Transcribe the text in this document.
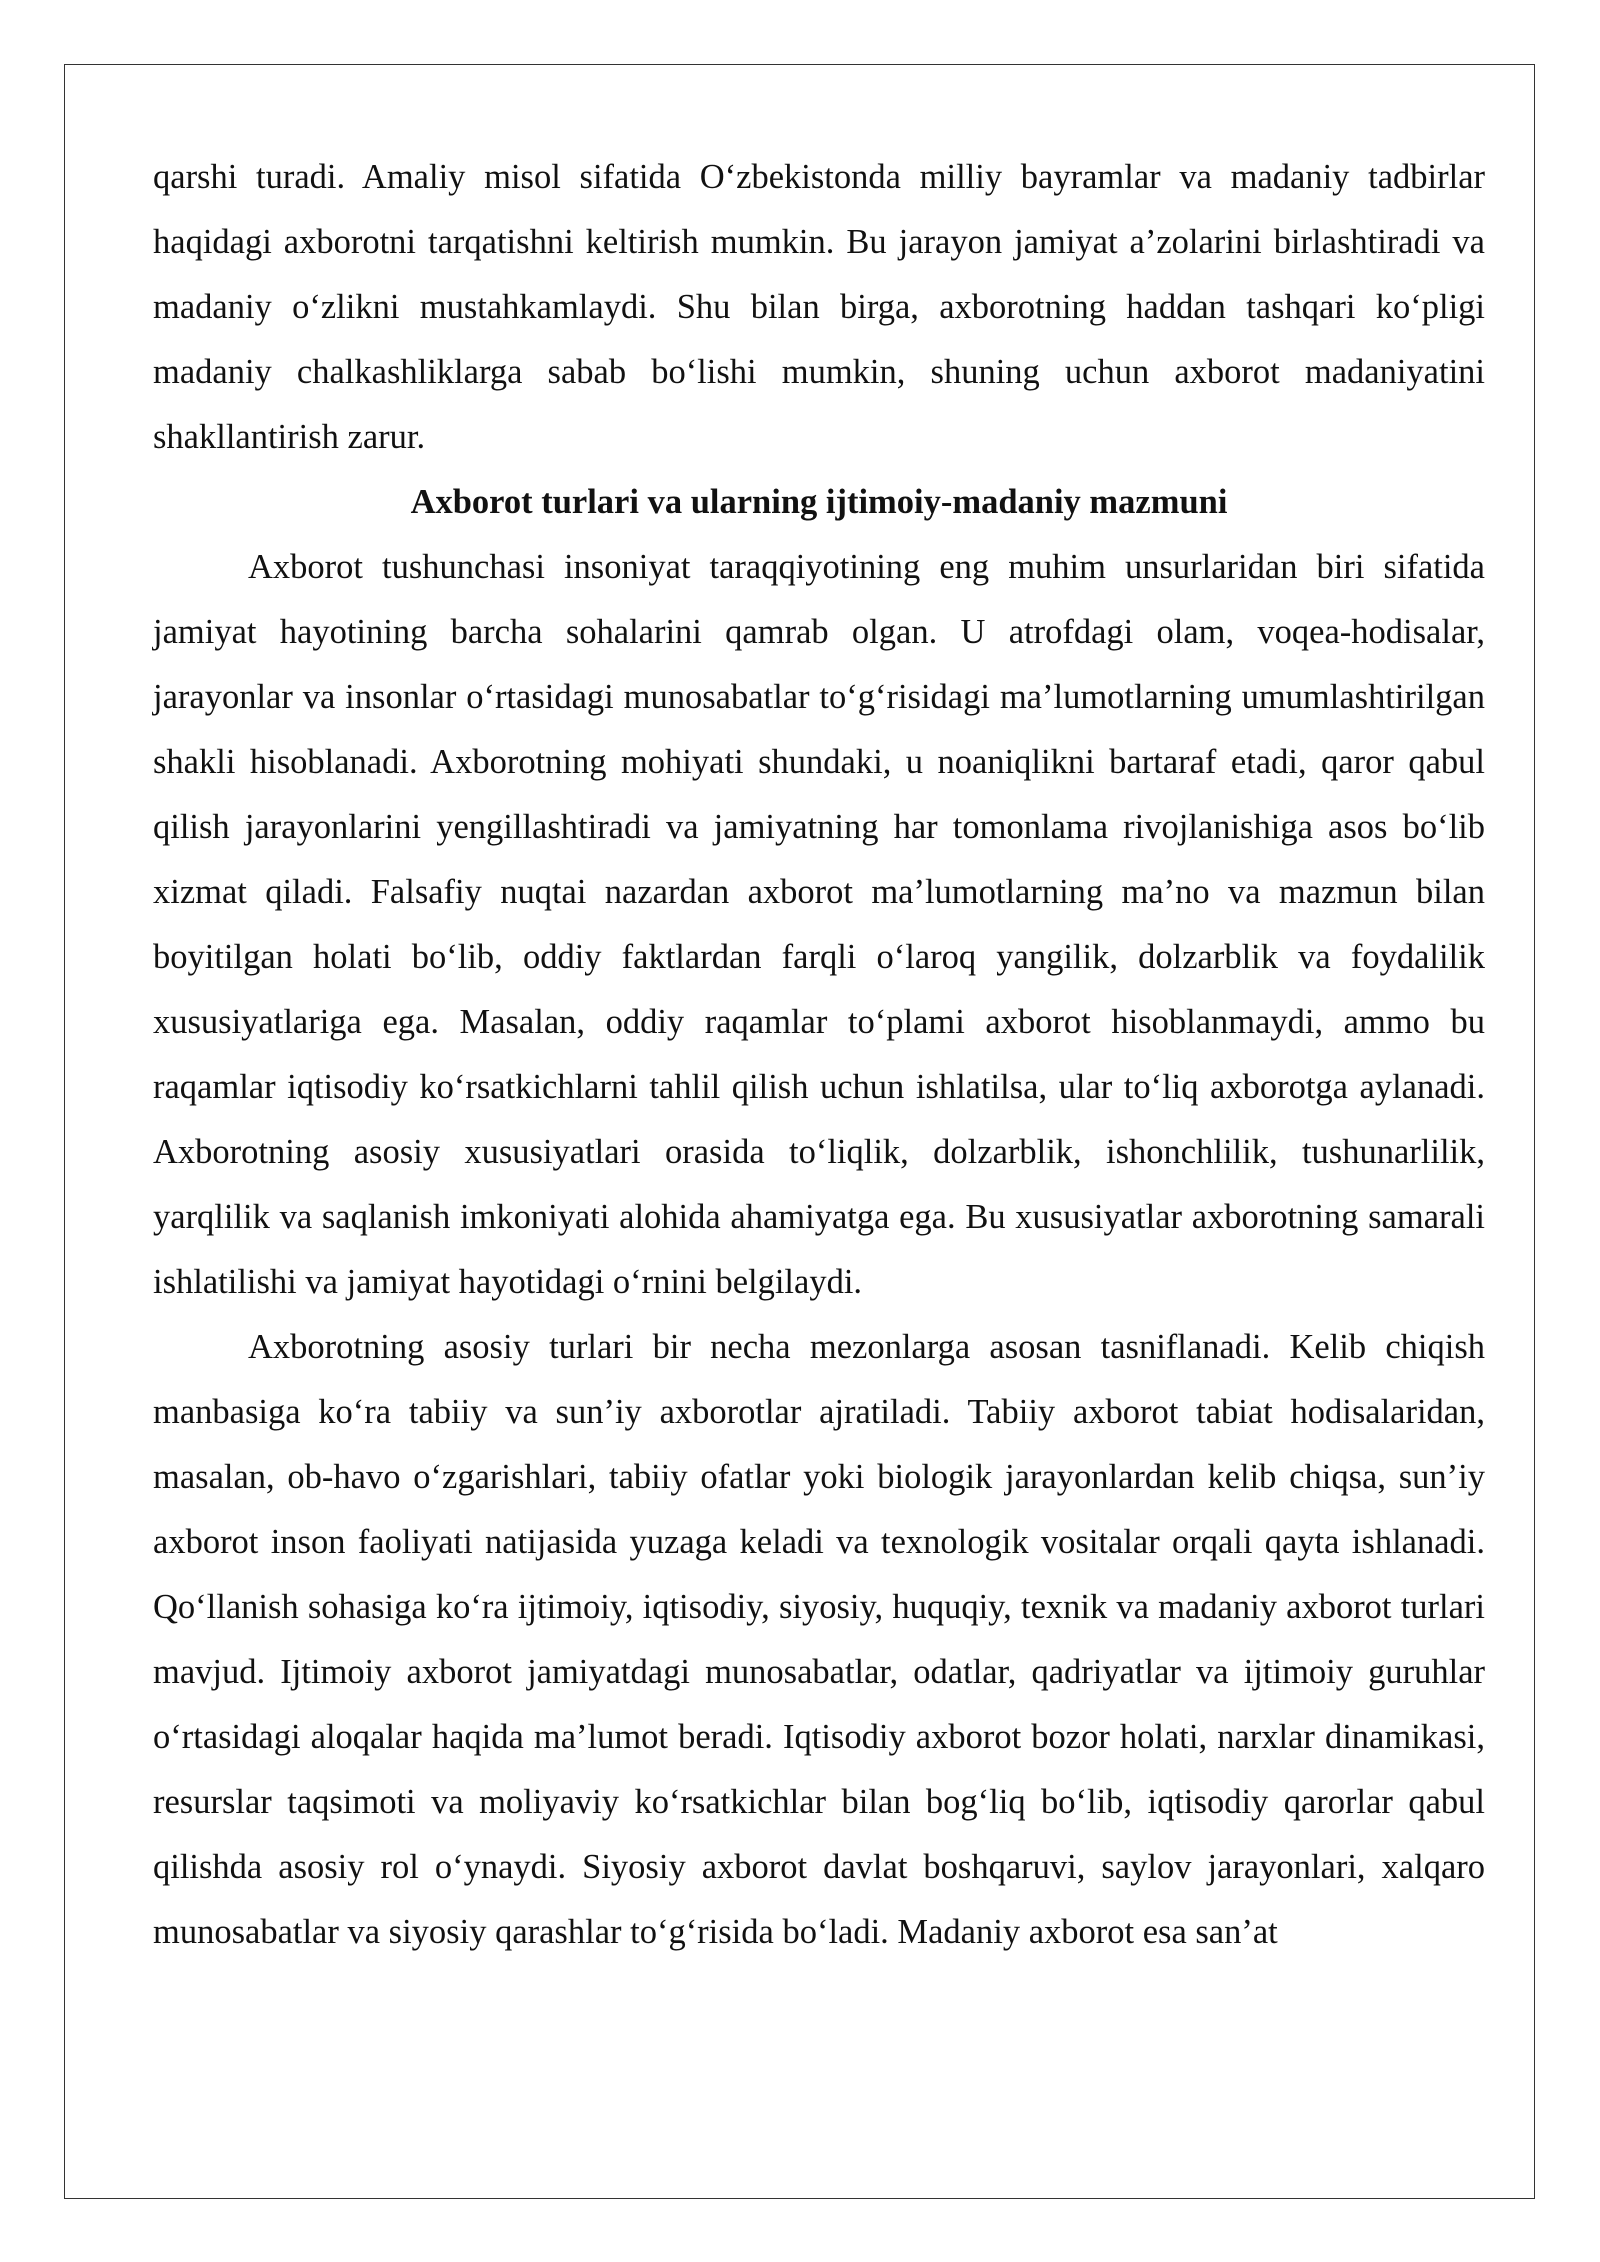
qarshi turadi. Amaliy misol sifatida O‘zbekistonda milliy bayramlar va madaniy tadbirlar haqidagi axborotni tarqatishni keltirish mumkin. Bu jarayon jamiyat a’zolarini birlashtiradi va madaniy o‘zlikni mustahkamlaydi. Shu bilan birga, axborotning haddan tashqari ko‘pligi madaniy chalkashliklarga sabab bo‘lishi mumkin, shuning uchun axborot madaniyatini shakllantirish zarur.

Axborot turlari va ularning ijtimoiy-madaniy mazmuni

Axborot tushunchasi insoniyat taraqqiyotining eng muhim unsurlaridan biri sifatida jamiyat hayotining barcha sohalarini qamrab olgan. U atrofdagi olam, voqea-hodisalar, jarayonlar va insonlar o‘rtasidagi munosabatlar to‘g‘risidagi ma’lumotlarning umumlashtirilgan shakli hisoblanadi. Axborotning mohiyati shundaki, u noaniqlikni bartaraf etadi, qaror qabul qilish jarayonlarini yengillashtiradi va jamiyatning har tomonlama rivojlanishiga asos bo‘lib xizmat qiladi. Falsafiy nuqtai nazardan axborot ma’lumotlarning ma’no va mazmun bilan boyitilgan holati bo‘lib, oddiy faktlardan farqli o‘laroq yangilik, dolzarblik va foydalilik xususiyatlariga ega. Masalan, oddiy raqamlar to‘plami axborot hisoblanmaydi, ammo bu raqamlar iqtisodiy ko‘rsatkichlarni tahlil qilish uchun ishlatilsa, ular to‘liq axborotga aylanadi. Axborotning asosiy xususiyatlari orasida to‘liqlik, dolzarblik, ishonchlilik, tushunarlilik, yarqlilik va saqlanish imkoniyati alohida ahamiyatga ega. Bu xususiyatlar axborotning samarali ishlatilishi va jamiyat hayotidagi o‘rnini belgilaydi.

Axborotning asosiy turlari bir necha mezonlarga asosan tasniflanadi. Kelib chiqish manbasiga ko‘ra tabiiy va sun’iy axborotlar ajratiladi. Tabiiy axborot tabiat hodisalaridan, masalan, ob-havo o‘zgarishlari, tabiiy ofatlar yoki biologik jarayonlardan kelib chiqsa, sun’iy axborot inson faoliyati natijasida yuzaga keladi va texnologik vositalar orqali qayta ishlanadi. Qo‘llanish sohasiga ko‘ra ijtimoiy, iqtisodiy, siyosiy, huquqiy, texnik va madaniy axborot turlari mavjud. Ijtimoiy axborot jamiyatdagi munosabatlar, odatlar, qadriyatlar va ijtimoiy guruhlar o‘rtasidagi aloqalar haqida ma’lumot beradi. Iqtisodiy axborot bozor holati, narxlar dinamikasi, resurslar taqsimoti va moliyaviy ko‘rsatkichlar bilan bog‘liq bo‘lib, iqtisodiy qarorlar qabul qilishda asosiy rol o‘ynaydi. Siyosiy axborot davlat boshqaruvi, saylov jarayonlari, xalqaro munosabatlar va siyosiy qarashlar to‘g‘risida bo‘ladi. Madaniy axborot esa san’at
